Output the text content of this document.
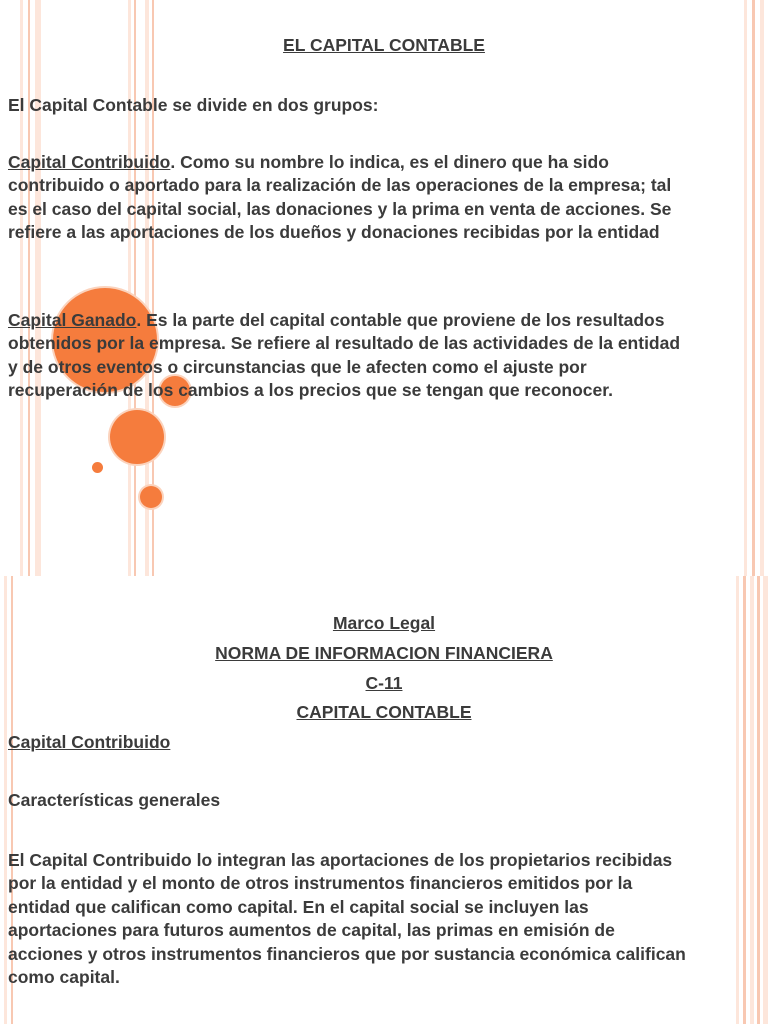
EL CAPITAL CONTABLE
El Capital Contable se divide en dos grupos:
Capital Contribuido. Como su nombre lo indica, es el dinero que ha sido
contribuido o aportado para la realización de las operaciones de la empresa; tal
es el caso del capital social, las donaciones y la prima en venta de acciones. Se
refiere a las aportaciones de los dueños y donaciones recibidas por la entidad
Capital Ganado. Es la parte del capital contable que proviene de los resultados
obtenidos por la empresa. Se refiere al resultado de las actividades de la entidad
y de otros eventos o circunstancias que le afecten como el ajuste por
recuperación de los cambios a los precios que se tengan que reconocer.
Marco Legal
NORMA DE INFORMACION FINANCIERA
C-11
CAPITAL CONTABLE
Capital Contribuido
Características generales
El Capital Contribuido lo integran las aportaciones de los propietarios recibidas
por la entidad y el monto de otros instrumentos financieros emitidos por la
entidad que califican como capital. En el capital social se incluyen las
aportaciones para futuros aumentos de capital, las primas en emisión de
acciones y otros instrumentos financieros que por sustancia económica califican
como capital.
